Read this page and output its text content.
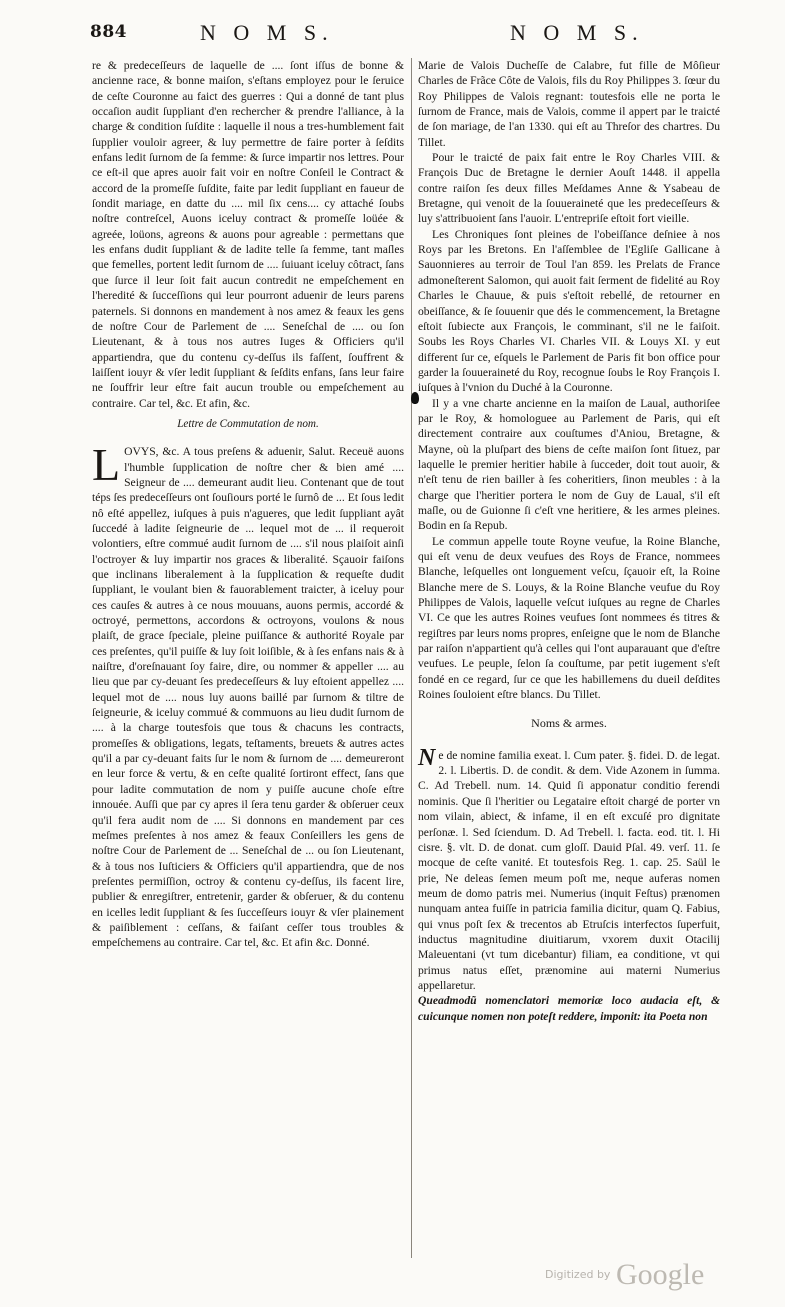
884	N O M S.	N O M S.

re & predeceſſeurs de laquelle de .... ſont iſſus de bonne & ancienne race, & bonne maiſon, s'eſtans employez pour le ſeruice de ceſte Couronne au faict des guerres : Qui a donné de tant plus occaſion audit ſuppliant d'en rechercher & prendre l'alliance, à la charge & condition ſuſdite : laquelle il nous a tres-humblement fait ſupplier vouloir agreer, & luy permettre de faire porter à ſeſdits enfans ledit ſurnom de ſa femme: & ſurce impartir nos lettres. Pour ce eſt-il que apres auoir fait voir en noſtre Conſeil le Contract & accord de la promeſſe ſuſdite, faite par ledit ſuppliant en faueur de ſondit mariage, en datte du .... mil ſix cens.... cy attaché ſoubs noſtre contreſcel, Auons iceluy contract & promeſſe loüée & agreée, loüons, agreons & auons pour agreable : permettans que les enfans dudit ſuppliant & de ladite telle ſa femme, tant maſles que femelles, portent ledit ſurnom de .... ſuiuant iceluy côtract, ſans que ſurce il leur ſoit fait aucun contredit ne empeſchement en l'heredité & ſucceſſions qui leur pourront aduenir de leurs parens paternels. Si donnons en mandement à nos amez & feaux les gens de noſtre Cour de Parlement de .... Seneſchal de .... ou ſon Lieutenant, & à tous nos autres Iuges & Officiers qu'il appartiendra, que du contenu cy-deſſus ils faſſent, ſouffrent & laiſſent iouyr & vſer ledit ſuppliant & ſeſdits enfans, ſans leur faire ne ſouffrir leur eſtre fait aucun trouble ou empeſchement au contraire. Car tel, &c. Et afin, &c.

Lettre de Commutation de nom.

LOVYS, &c. A tous preſens & aduenir, Salut. Receuë auons l'humble ſupplication de noſtre cher & bien amé .... Seigneur de .... demeurant audit lieu. Contenant que de tout téps ſes predeceſſeurs ont ſouſiours porté le ſurnô de ... Et ſous ledit nô eſté appellez, iuſques à puis n'agueres, que ledit ſuppliant ayât ſuccedé à ladite ſeigneurie de ... lequel mot de ... il requeroit volontiers, eſtre commué audit ſurnom de .... s'il nous plaiſoit ainſi l'octroyer & luy impartir nos graces & liberalité. Sçauoir faiſons que inclinans liberalement à la ſupplication & requeſte dudit ſuppliant, le voulant bien & fauorablement traicter, à iceluy pour ces cauſes & autres à ce nous mouuans, auons permis, accordé & octroyé, permettons, accordons & octroyons, voulons & nous plaiſt, de grace ſpeciale, pleine puiſſance & authorité Royale par ces preſentes, qu'il puiſſe & luy ſoit loiſible, & à ſes enfans nais & à naiſtre, d'oreſnauant ſoy faire, dire, ou nommer & appeller .... au lieu que par cy-deuant ſes predeceſſeurs & luy eſtoient appellez .... lequel mot de .... nous luy auons baillé par ſurnom & tiltre de ſeigneurie, & iceluy commué & commuons au lieu dudit ſurnom de .... à la charge toutesfois que tous & chacuns les contracts, promeſſes & obligations, legats, teſtaments, breuets & autres actes qu'il a par cy-deuant faits ſur le nom & ſurnom de .... demeureront en leur force & vertu, & en ceſte qualité ſortiront effect, ſans que pour ladite commutation de nom y puiſſe aucune choſe eſtre innouée. Auſſi que par cy apres il ſera tenu garder & obſeruer ceux qu'il fera audit nom de .... Si donnons en mandement par ces meſmes preſentes à nos amez & feaux Conſeillers les gens de noſtre Cour de Parlement de ... Seneſchal de ... ou ſon Lieutenant, & à tous nos Iuſticiers & Officiers qu'il appartiendra, que de nos preſentes permiſſion, octroy & contenu cy-deſſus, ils facent lire, publier & enregiſtrer, entretenir, garder & obſeruer, & du contenu en icelles ledit ſuppliant & ſes ſucceſſeurs iouyr & vſer plainement & paiſiblement : ceſſans, & faiſant ceſſer tous troubles & empeſchemens au contraire. Car tel, &c. Et afin &c. Donné.

Marie de Valois Ducheſſe de Calabre, fut fille de Môſieur Charles de Frãce Côte de Valois, fils du Roy Philippes 3. ſœur du Roy Philippes de Valois regnant: toutesfois elle ne porta le ſurnom de France, mais de Valois, comme il appert par le traicté de ſon mariage, de l'an 1330. qui eſt au Threſor des chartres. Du Tillet.

Pour le traicté de paix fait entre le Roy Charles VIII. & François Duc de Bretagne le dernier Aouſt 1448. il appella contre raiſon ſes deux filles Meſdames Anne & Ysabeau de Bretagne, qui venoit de la ſouueraineté que les predeceſſeurs & luy s'attribuoient ſans l'auoir. L'entrepriſe eſtoit fort vieille.

Les Chroniques ſont pleines de l'obeiſſance deſniee à nos Roys par les Bretons. En l'aſſemblee de l'Egliſe Gallicane à Sauonnieres au terroir de Toul l'an 859. les Prelats de France admoneſterent Salomon, qui auoit fait ſerment de fidelité au Roy Charles le Chauue, & puis s'eſtoit rebellé, de retourner en obeiſſance, & ſe ſouuenir que dés le commencement, la Bretagne eſtoit ſubiecte aux François, le comminant, s'il ne le faiſoit. Soubs les Roys Charles VI. Charles VII. & Louys XI. y eut different ſur ce, eſquels le Parlement de Paris fit bon office pour garder la ſouueraineté du Roy, recognue ſoubs le Roy François I. iuſques à l'vnion du Duché à la Couronne.

Il y a vne charte ancienne en la maiſon de Laual, authoriſee par le Roy, & homologuee au Parlement de Paris, qui eſt directement contraire aux couſtumes d'Aniou, Bretagne, & Mayne, où la pluſpart des biens de ceſte maiſon ſont ſituez, par laquelle le premier heritier habile à ſucceder, doit tout auoir, & n'eſt tenu de rien bailler à ſes coheritiers, ſinon meubles : à la charge que l'heritier portera le nom de Guy de Laual, s'il eſt maſle, ou de Guionne ſi c'eſt vne heritiere, & les armes pleines. Bodin en ſa Repub.

Le commun appelle toute Royne veufue, la Roine Blanche, qui eſt venu de deux veufues des Roys de France, nommees Blanche, leſquelles ont longuement veſcu, ſçauoir eſt, la Roine Blanche mere de S. Louys, & la Roine Blanche veufue du Roy Philippes de Valois, laquelle veſcut iuſques au regne de Charles VI. Ce que les autres Roines veufues ſont nommees és titres & regiſtres par leurs noms propres, enſeigne que le nom de Blanche par raiſon n'appartient qu'à celles qui l'ont auparauant que d'eſtre veufues. Le peuple, ſelon ſa couſtume, par petit iugement s'eſt fondé en ce regard, ſur ce que les habillemens du dueil deſdites Roines ſouloient eſtre blancs. Du Tillet.

Noms & armes.

Ne de nomine familia exeat. l. Cum pater. §. fidei. D. de legat. 2. l. Libertis. D. de condit. & dem. Vide Azonem in ſumma. C. Ad Trebell. num. 14. Quid ſi apponatur conditio ferendi nominis. Que ſi l'heritier ou Legataire eſtoit chargé de porter vn nom vilain, abiect, & infame, il en eſt excuſé pro dignitate perſonæ. l. Sed ſciendum. D. Ad Trebell. l. facta. eod. tit. l. Hi cisre. §. vlt. D. de donat. cum gloſſ. Dauid Pſal. 49. verſ. 11. ſe mocque de ceſte vanité. Et toutesfois Reg. 1. cap. 25. Saül le prie, Ne deleas ſemen meum poſt me, neque auferas nomen meum de domo patris mei. Numerius (inquit Feſtus) prænomen nunquam antea fuiſſe in patricia familia dicitur, quam Q. Fabius, qui vnus poſt ſex & trecentos ab Etruſcis interfectos ſuperfuit, inductus magnitudine diuitiarum, vxorem duxit Otacilij Maleuentani (vt tum dicebantur) filiam, ea conditione, vt qui primus natus eſſet, prænomine aui materni Numerius appellaretur.

Queadmodũ nomenclatori memoriæ loco audacia eſt, & cuicunque nomen non poteſt reddere, imponit: ita Poeta non

Digitized by Google
